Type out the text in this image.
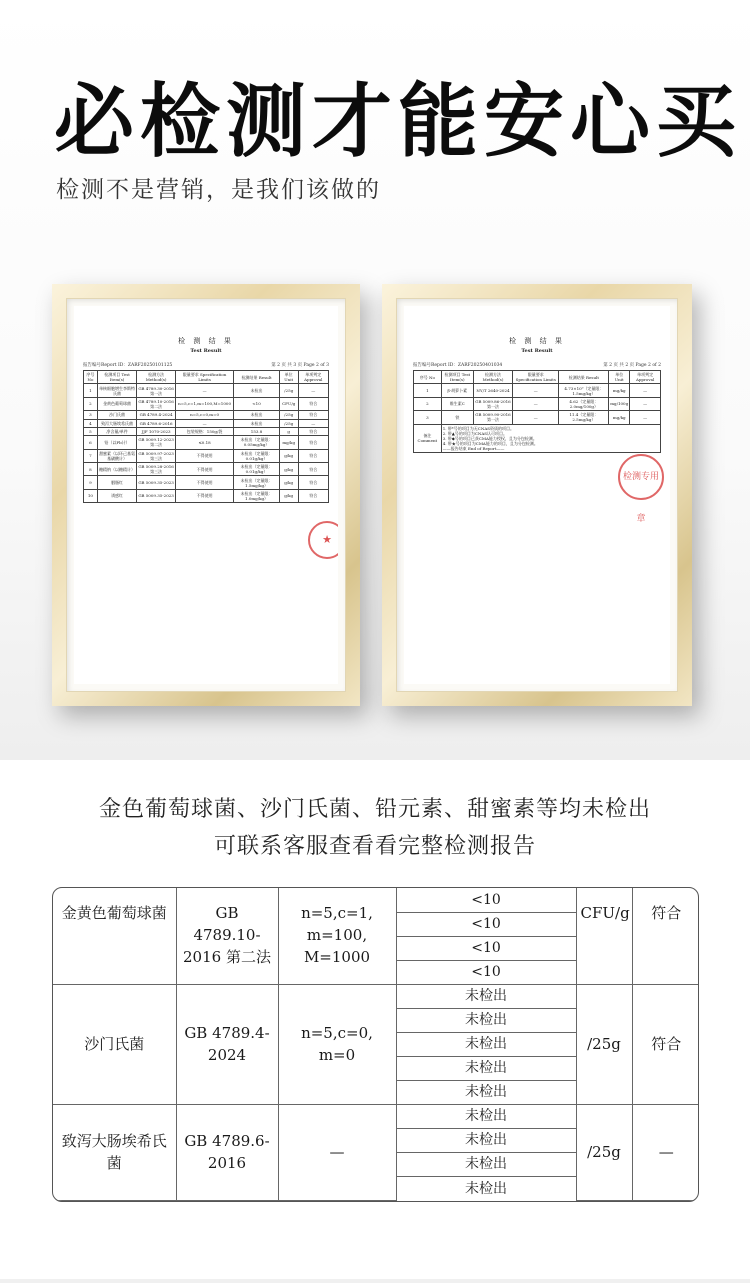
必检测才能安心买
检测不是营销，是我们该做的
检 测 结 果
Test Result
报告编号Report ID：ZARF20250101125	第 2 页 共 3 页 Page 2 of 3
序号 No	检测项目 Test Item(s)	检测方法 Method(s)	限量要求 Specification Limits	检测结果 Result	单位 Unit	单项判定 Approval
1	单核细胞增生李斯特氏菌	GB 4789.30-2016 第一法	—	未检出	/25g	—
2	金黄色葡萄球菌	GB 4789.10-2016 第二法	n=5,c=1,m=100,M=1000	<10	CFU/g	符合
3	沙门氏菌	GB 4789.4-2024	n=5,c=0,m=0	未检出	/25g	符合
4	致泻大肠埃希氏菌	GB 4789.6-2016	—	未检出	/25g	—
5	净含量/单件	JJF 1070-2023	包装规格：150g/袋	153.8	g	符合
6	铅（以Pb计）	GB 5009.12-2023 第二法	≤0.18	未检出（定量限：0.05mg/kg）	mg/kg	符合
7	甜蜜素（以环己基氨基磺酸计）	GB 5009.97-2023 第三法	不得使用	未检出（定量限：0.01g/kg）	g/kg	符合
8	糖精钠（以糖精计）	GB 5009.28-2016 第三法	不得使用	未检出（定量限：0.01g/kg）	g/kg	符合
9	胭脂红	GB 5009.35-2023	不得使用	未检出（定量限：1.5mg/kg）	g/kg	符合
10	诱惑红	GB 5009.35-2023	不得使用	未检出（定量限：1.0mg/kg）	g/kg	符合
★
检 测 结 果
Test Result
报告编号Report ID：ZARF20250401034	第 2 页 共 2 页 Page 2 of 2
序号 No	检测项目 Test Item(s)	检测方法 Method(s)	限量要求 Specification Limits	检测结果 Result	单位 Unit	单项判定 Approval
1	β-胡萝卜素	NY/T 2640-2024	—	4.73×10⁰（定量限：1.5mg/kg）	mg/kg	—
2	维生素C	GB 5009.86-2016 第一法	—	4.62（定量限：2.0mg/100g）	mg/100g	—
3	铁	GB 5009.90-2016 第一法	—	11.4（定量限：2.5mg/kg）	mg/kg	—
备注 Comment	1. 带*号的项目为无CNAS资质的项目。
2. 带▲号的项目为CNAS认可项目。
3. 带◆号的项目已获CMA能力授权，且为分包检测。
4. 带★号的项目为CMA能力的项目，且为分包检测。
——报告结束 End of Report——					
检测专用章
金色葡萄球菌、沙门氏菌、铅元素、甜蜜素等均未检出
可联系客服查看看完整检测报告
金黄色葡萄球菌	GB 4789.10-2016 第二法	n=5,c=1,
m=100,
M=1000	<10	CFU/g	符合
			<10		
			<10		
			<10		
沙门氏菌	GB 4789.4-2024	n=5,c=0,
m=0	未检出	/25g	符合
			未检出		
			未检出		
			未检出		
			未检出		
致泻大肠埃希氏菌	GB 4789.6-2016	—	未检出	/25g	—
			未检出		
			未检出		
			未检出		
